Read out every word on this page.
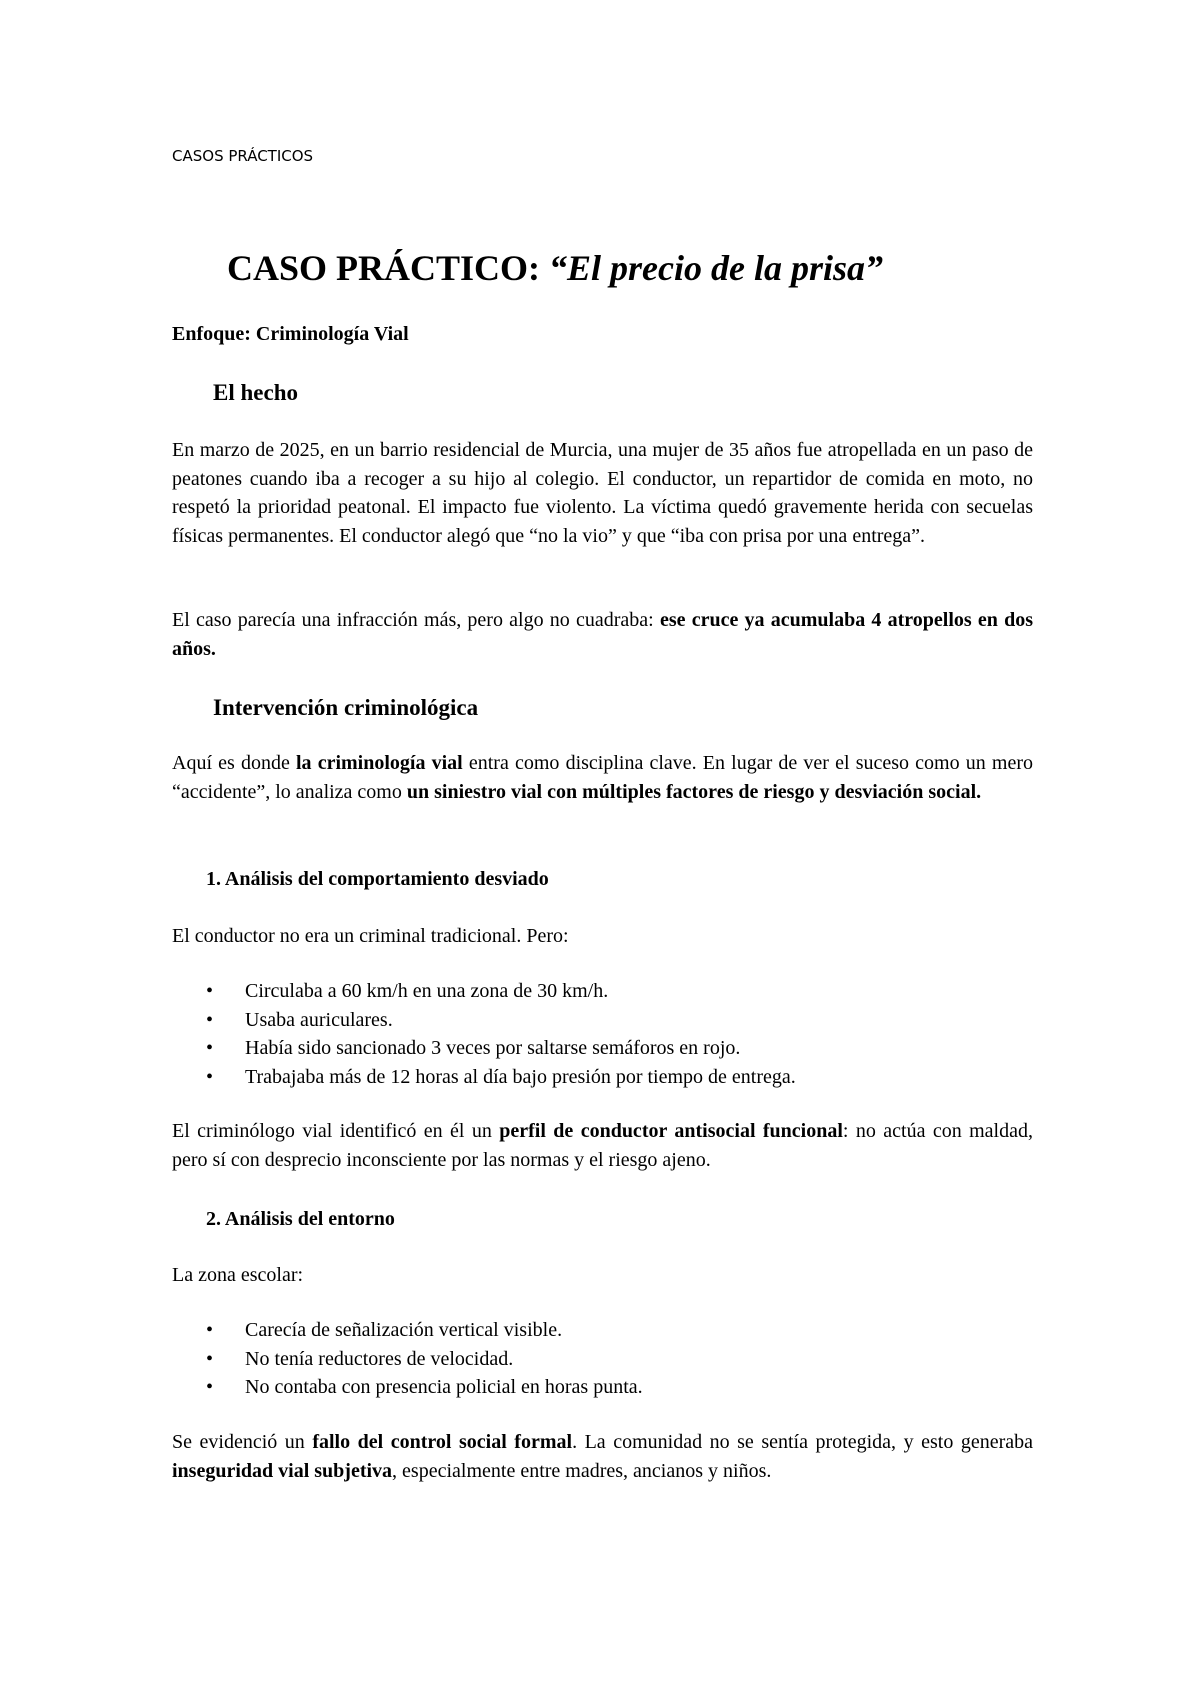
CASOS PRÁCTICOS
CASO PRÁCTICO: “El precio de la prisa”
Enfoque: Criminología Vial
El hecho

En marzo de 2025, en un barrio residencial de Murcia, una mujer de 35 años fue atropellada en un paso de peatones cuando iba a recoger a su hijo al colegio. El conductor, un repartidor de comida en moto, no respetó la prioridad peatonal. El impacto fue violento. La víctima quedó gravemente herida con secuelas físicas permanentes. El conductor alegó que “no la vio” y que “iba con prisa por una entrega”.

El caso parecía una infracción más, pero algo no cuadraba: ese cruce ya acumulaba 4 atropellos en dos años.

Intervención criminológica

Aquí es donde la criminología vial entra como disciplina clave. En lugar de ver el suceso como un mero “accidente”, lo analiza como un siniestro vial con múltiples factores de riesgo y desviación social.

1. Análisis del comportamiento desviado

El conductor no era un criminal tradicional. Pero:

• Circulaba a 60 km/h en una zona de 30 km/h.
• Usaba auriculares.
• Había sido sancionado 3 veces por saltarse semáforos en rojo.
• Trabajaba más de 12 horas al día bajo presión por tiempo de entrega.

El criminólogo vial identificó en él un perfil de conductor antisocial funcional: no actúa con maldad, pero sí con desprecio inconsciente por las normas y el riesgo ajeno.

2. Análisis del entorno

La zona escolar:

• Carecía de señalización vertical visible.
• No tenía reductores de velocidad.
• No contaba con presencia policial en horas punta.

Se evidenció un fallo del control social formal. La comunidad no se sentía protegida, y esto generaba inseguridad vial subjetiva, especialmente entre madres, ancianos y niños.
